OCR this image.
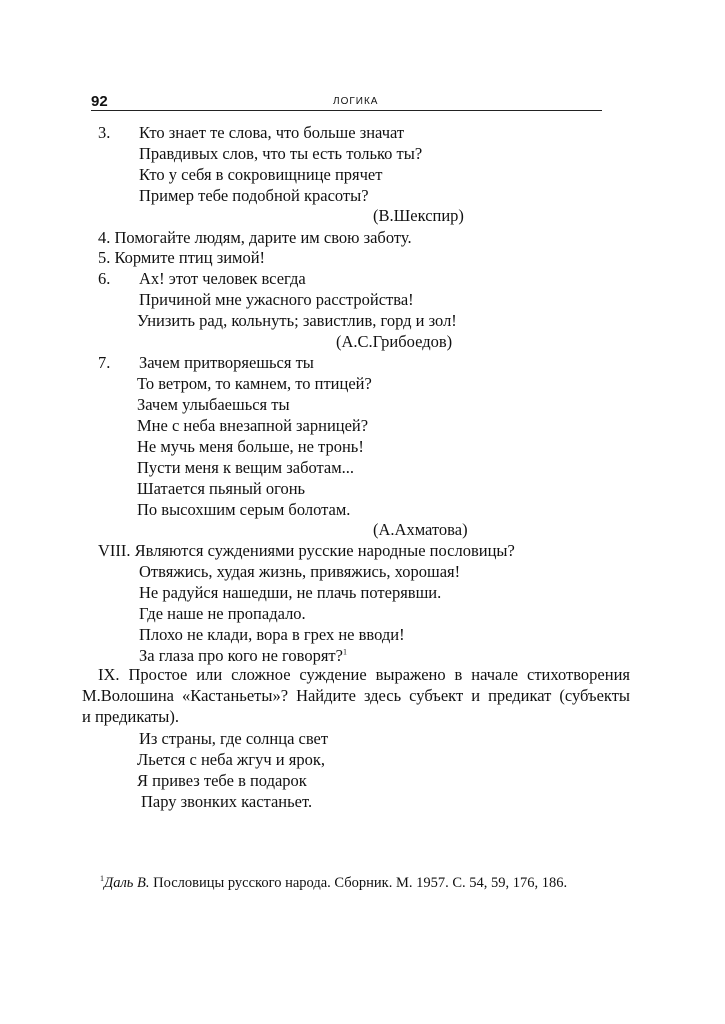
92	ЛОГИКА
3. Кто знает те слова, что больше значат
Правдивых слов, что ты есть только ты?
Кто у себя в сокровищнице прячет
Пример тебе подобной красоты?
(В.Шекспир)
4. Помогайте людям, дарите им свою заботу.
5. Кормите птиц зимой!
6. Ах! этот человек всегда
Причиной мне ужасного расстройства!
Унизить рад, кольнуть; завистлив, горд и зол!
(А.С.Грибоедов)
7. Зачем притворяешься ты
То ветром, то камнем, то птицей?
Зачем улыбаешься ты
Мне с неба внезапной зарницей?
Не мучь меня больше, не тронь!
Пусти меня к вещим заботам...
Шатается пьяный огонь
По высохшим серым болотам.
(А.Ахматова)
VIII. Являются суждениями русские народные пословицы?
Отвяжись, худая жизнь, привяжись, хорошая!
Не радуйся нашедши, не плачь потерявши.
Где наше не пропадало.
Плохо не клади, вора в грех не вводи!
За глаза про кого не говорят?$^1$
IX. Простое или сложное суждение выражено в начале стихотворения
М.Волошина «Кастаньеты»? Найдите здесь субъект и предикат (субъекты
и предикаты).
Из страны, где солнца свет
Льется с неба жгуч и ярок,
Я привез тебе в подарок
Пару звонких кастаньет.
$^1$Даль В. Пословицы русского народа. Сборник. М. 1957. С. 54, 59, 176, 186.
